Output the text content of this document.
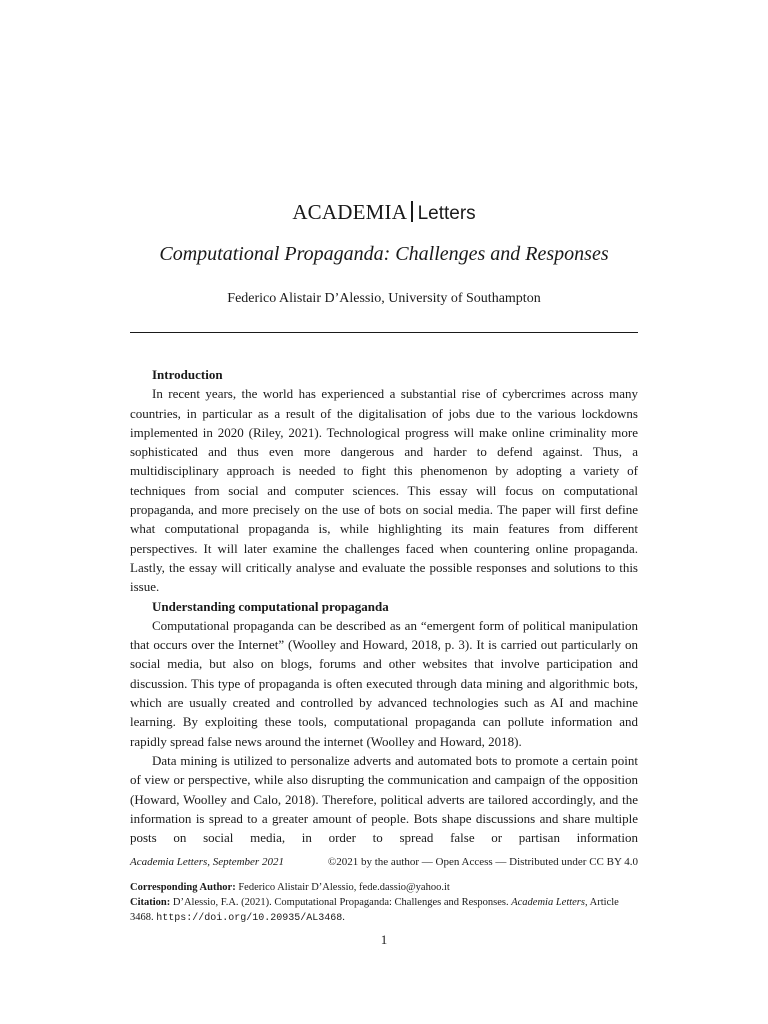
ACADEMIA Letters
Computational Propaganda: Challenges and Responses
Federico Alistair D’Alessio, University of Southampton
Introduction

In recent years, the world has experienced a substantial rise of cybercrimes across many countries, in particular as a result of the digitalisation of jobs due to the various lockdowns implemented in 2020 (Riley, 2021). Technological progress will make online criminality more sophisticated and thus even more dangerous and harder to defend against. Thus, a multidisciplinary approach is needed to fight this phenomenon by adopting a variety of techniques from social and computer sciences. This essay will focus on computational propaganda, and more precisely on the use of bots on social media. The paper will first define what computational propaganda is, while highlighting its main features from different perspectives. It will later examine the challenges faced when countering online propaganda. Lastly, the essay will critically analyse and evaluate the possible responses and solutions to this issue.

Understanding computational propaganda

Computational propaganda can be described as an “emergent form of political manipulation that occurs over the Internet” (Woolley and Howard, 2018, p. 3). It is carried out particularly on social media, but also on blogs, forums and other websites that involve participation and discussion. This type of propaganda is often executed through data mining and algorithmic bots, which are usually created and controlled by advanced technologies such as AI and machine learning. By exploiting these tools, computational propaganda can pollute information and rapidly spread false news around the internet (Woolley and Howard, 2018).

Data mining is utilized to personalize adverts and automated bots to promote a certain point of view or perspective, while also disrupting the communication and campaign of the opposition (Howard, Woolley and Calo, 2018). Therefore, political adverts are tailored accordingly, and the information is spread to a greater amount of people. Bots shape discussions and share multiple posts on social media, in order to spread false or partisan information

Academia Letters, September 2021	©2021 by the author — Open Access — Distributed under CC BY 4.0
Corresponding Author: Federico Alistair D’Alessio, fede.dassio@yahoo.it
Citation: D’Alessio, F.A. (2021). Computational Propaganda: Challenges and Responses. Academia Letters, Article 3468. https://doi.org/10.20935/AL3468.
1
